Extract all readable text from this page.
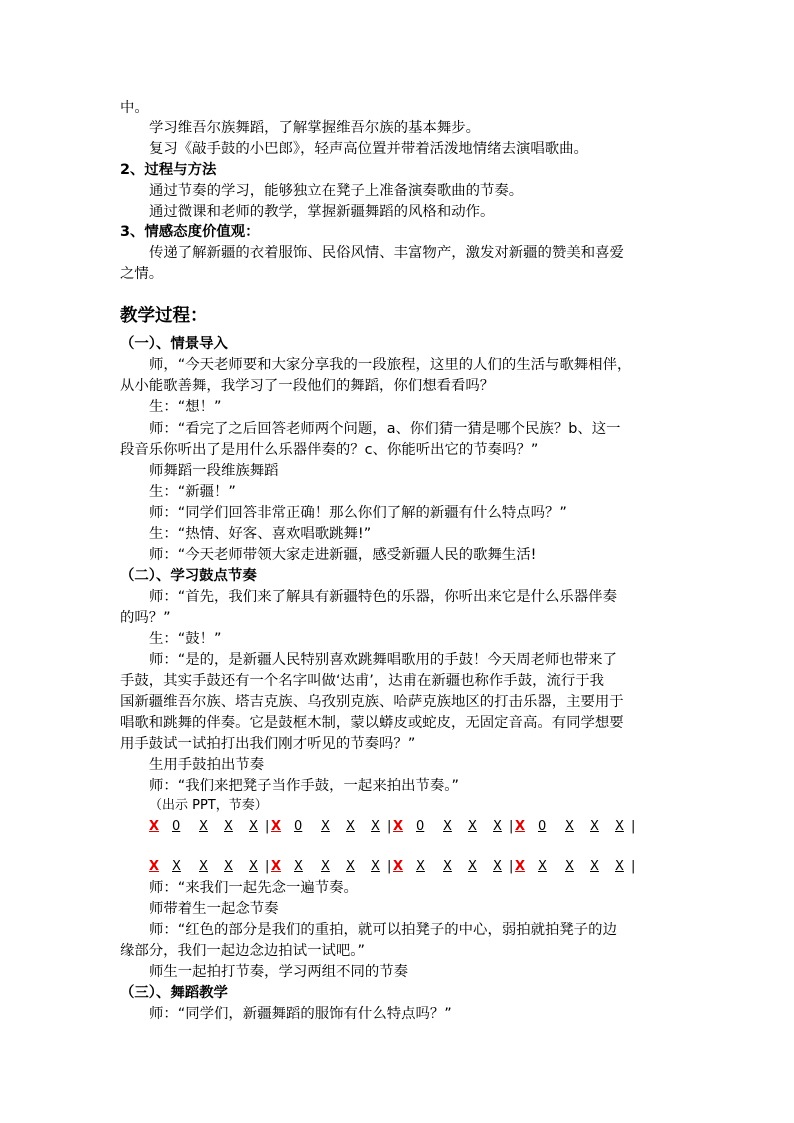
中。
学习维吾尔族舞蹈，了解掌握维吾尔族的基本舞步。
复习《敲手鼓的小巴郎》，轻声高位置并带着活泼地情绪去演唱歌曲。
2、过程与方法
通过节奏的学习，能够独立在凳子上准备演奏歌曲的节奏。
通过微课和老师的教学，掌握新疆舞蹈的风格和动作。
3、情感态度价值观：
传递了解新疆的衣着服饰、民俗风情、丰富物产，激发对新疆的赞美和喜爱
之情。
教学过程：
（一）、情景导入
师，“今天老师要和大家分享我的一段旅程，这里的人们的生活与歌舞相伴，
从小能歌善舞，我学习了一段他们的舞蹈，你们想看看吗？
生：“想！”
师：“看完了之后回答老师两个问题，a、你们猜一猜是哪个民族？b、这一
段音乐你听出了是用什么乐器伴奏的？c、你能听出它的节奏吗？”
师舞蹈一段维族舞蹈
生：“新疆！”
师：“同学们回答非常正确！那么你们了解的新疆有什么特点吗？”
生：“热情、好客、喜欢唱歌跳舞!”
师：“今天老师带领大家走进新疆，感受新疆人民的歌舞生活!
（二）、学习鼓点节奏
师：“首先，我们来了解具有新疆特色的乐器，你听出来它是什么乐器伴奏
的吗？”
生：“鼓！”
师：“是的，是新疆人民特别喜欢跳舞唱歌用的手鼓！今天周老师也带来了
手鼓，其实手鼓还有一个名字叫做‘达甫’，达甫在新疆也称作手鼓，流行于我
国新疆维吾尔族、塔吉克族、乌孜别克族、哈萨克族地区的打击乐器，主要用于
唱歌和跳舞的伴奏。它是鼓框木制，蒙以蟒皮或蛇皮，无固定音高。有同学想要
用手鼓试一试拍打出我们刚才听见的节奏吗？”
生用手鼓拍出节奏
师：“我们来把凳子当作手鼓，一起来拍出节奏。”
（出示 PPT，节奏）
X 0 X X X | X 0 X X X | X 0 X X X | X 0 X X X |
X X X X X | X X X X X | X X X X X | X X X X X |
师：“来我们一起先念一遍节奏。
师带着生一起念节奏
师：“红色的部分是我们的重拍，就可以拍凳子的中心，弱拍就拍凳子的边
缘部分，我们一起边念边拍试一试吧。”
师生一起拍打节奏，学习两组不同的节奏
（三）、舞蹈教学
师：“同学们，新疆舞蹈的服饰有什么特点吗？”
